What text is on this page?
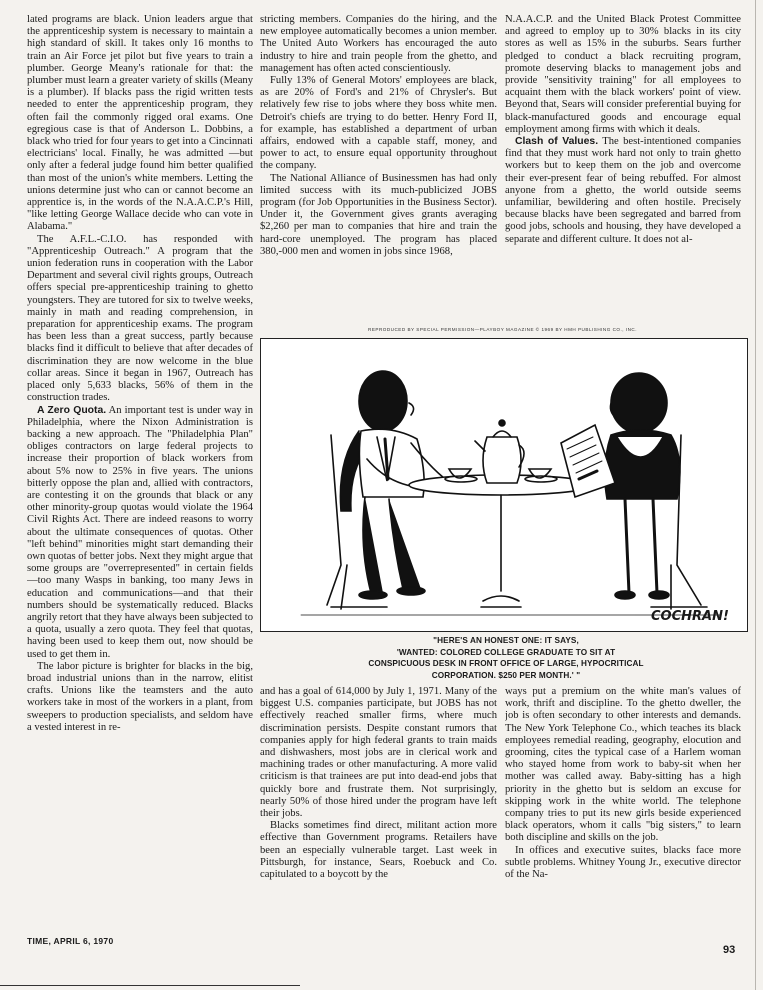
lated programs are black. Union leaders argue that the apprenticeship system is necessary to maintain a high standard of skill. It takes only 16 months to train an Air Force jet pilot but five years to train a plumber. George Meany's rationale for that: the plumber must learn a greater variety of skills (Meany is a plumber). If blacks pass the rigid written tests needed to enter the apprenticeship program, they often fail the commonly rigged oral exams. One egregious case is that of Anderson L. Dobbins, a black who tried for four years to get into a Cincinnati electricians' local. Finally, he was admitted —but only after a federal judge found him better qualified than most of the union's white members. Letting the unions determine just who can or cannot become an apprentice is, in the words of the N.A.A.C.P.'s Hill, "like letting George Wallace decide who can vote in Alabama."

The A.F.L.-C.I.O. has responded with "Apprenticeship Outreach." A program that the union federation runs in cooperation with the Labor Department and several civil rights groups, Outreach offers special pre-apprenticeship training to ghetto youngsters. They are tutored for six to twelve weeks, mainly in math and reading comprehension, in preparation for apprenticeship exams. The program has been less than a great success, partly because blacks find it difficult to believe that after decades of discrimination they are now welcome in the blue collar areas. Since it began in 1967, Outreach has placed only 5,633 blacks, 56% of them in the construction trades.

A Zero Quota. An important test is under way in Philadelphia, where the Nixon Administration is backing a new approach. The "Philadelphia Plan" obliges contractors on large federal projects to increase their proportion of black workers from about 5% now to 25% in five years. The unions bitterly oppose the plan and, allied with contractors, are contesting it on the grounds that black or any other minority-group quotas would violate the 1964 Civil Rights Act. There are indeed reasons to worry about the ultimate consequences of quotas. Other "left behind" minorities might start demanding their own quotas of better jobs. Next they might argue that some groups are "overrepresented" in certain fields —too many Wasps in banking, too many Jews in education and communications—and that their numbers should be systematically reduced. Blacks angrily retort that they have always been subjected to a quota, usually a zero quota. They feel that quotas, having been used to keep them out, now should be used to get them in.

The labor picture is brighter for blacks in the big, broad industrial unions than in the narrow, elitist crafts. Unions like the teamsters and the auto workers take in most of the workers in a plant, from sweepers to production specialists, and seldom have a vested interest in re-

stricting members. Companies do the hiring, and the new employee automatically becomes a union member. The United Auto Workers has encouraged the auto industry to hire and train people from the ghetto, and management has often acted conscientiously.

Fully 13% of General Motors' employees are black, as are 20% of Ford's and 21% of Chrysler's. But relatively few rise to jobs where they boss white men. Detroit's chiefs are trying to do better. Henry Ford II, for example, has established a department of urban affairs, endowed with a capable staff, money, and power to act, to ensure equal opportunity throughout the company.

The National Alliance of Businessmen has had only limited success with its much-publicized JOBS program (for Job Opportunities in the Business Sector). Under it, the Government gives grants averaging $2,260 per man to companies that hire and train the hard-core unemployed. The program has placed 380,-000 men and women in jobs since 1968,

N.A.A.C.P. and the United Black Protest Committee and agreed to employ up to 30% blacks in its city stores as well as 15% in the suburbs. Sears further pledged to conduct a black recruiting program, promote deserving blacks to management jobs and provide "sensitivity training" for all employees to acquaint them with the black workers' point of view. Beyond that, Sears will consider preferential buying for black-manufactured goods and encourage equal employment among firms with which it deals.

Clash of Values. The best-intentioned companies find that they must work hard not only to train ghetto workers but to keep them on the job and overcome their ever-present fear of being rebuffed. For almost anyone from a ghetto, the world outside seems unfamiliar, bewildering and often hostile. Precisely because blacks have been segregated and barred from good jobs, schools and housing, they have developed a separate and different culture. It does not al-

REPRODUCED BY SPECIAL PERMISSION—PLAYBOY MAGAZINE © 1969 BY HMH PUBLISHING CO., INC.
COCHRAN!
"HERE'S AN HONEST ONE: IT SAYS,
'WANTED: COLORED COLLEGE GRADUATE TO SIT AT
CONSPICUOUS DESK IN FRONT OFFICE OF LARGE, HYPOCRITICAL
CORPORATION. $250 PER MONTH.' "

and has a goal of 614,000 by July 1, 1971. Many of the biggest U.S. companies participate, but JOBS has not effectively reached smaller firms, where much discrimination persists. Despite constant rumors that companies apply for high federal grants to train maids and dishwashers, most jobs are in clerical work and machining trades or other manufacturing. A more valid criticism is that trainees are put into dead-end jobs that quickly bore and frustrate them. Not surprisingly, nearly 50% of those hired under the program have left their jobs.

Blacks sometimes find direct, militant action more effective than Government programs. Retailers have been an especially vulnerable target. Last week in Pittsburgh, for instance, Sears, Roebuck and Co. capitulated to a boycott by the

ways put a premium on the white man's values of work, thrift and discipline. To the ghetto dweller, the job is often secondary to other interests and demands. The New York Telephone Co., which teaches its black employees remedial reading, geography, elocution and grooming, cites the typical case of a Harlem woman who stayed home from work to baby-sit when her mother was called away. Baby-sitting has a high priority in the ghetto but is seldom an excuse for skipping work in the white world. The telephone company tries to put its new girls beside experienced black operators, whom it calls "big sisters," to learn both discipline and skills on the job.

In offices and executive suites, blacks face more subtle problems. Whitney Young Jr., executive director of the Na-

TIME, APRIL 6, 1970
93
